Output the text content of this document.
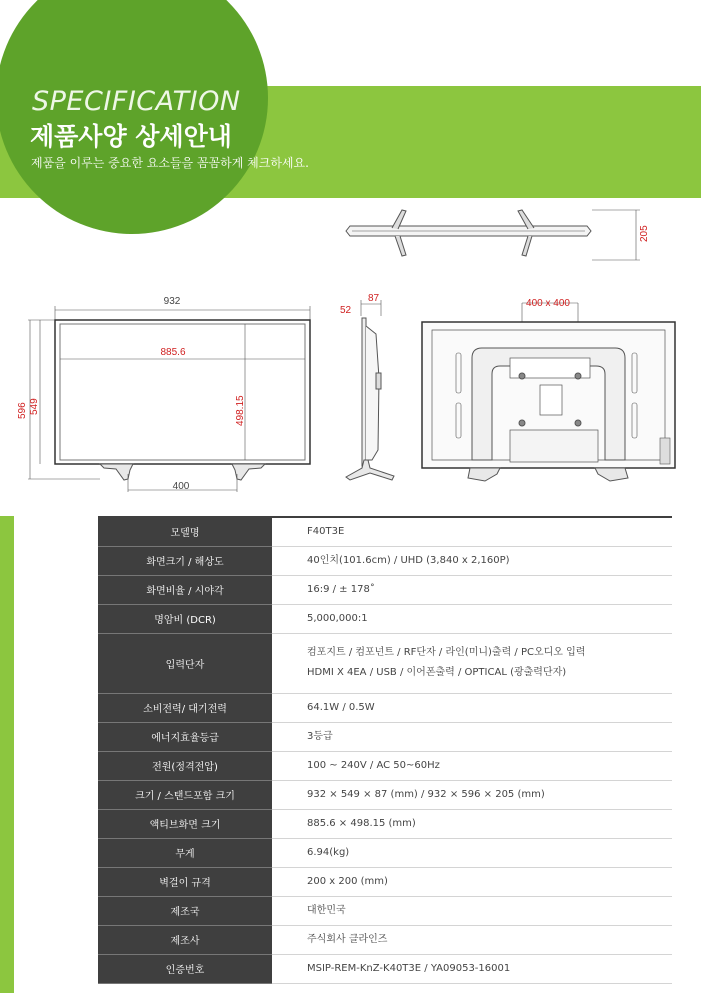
SPECIFICATION
제품사양 상세안내
제품을 이루는 중요한 요소들을 꼼꼼하게 체크하세요.
205
932
885.6
498.15
596 549
400
87
52
400 x 400
모델명	F40T3E
화면크기 / 해상도	40인치(101.6cm) / UHD (3,840 x 2,160P)
화면비율 / 시야각	16:9 / ± 178˚
명암비 (DCR)	5,000,000:1
입력단자	컴포지트 / 컴포넌트 / RF단자 / 라인(미니)출력 / PC오디오 입력
HDMI X 4EA / USB / 이어폰출력 / OPTICAL (광출력단자)

소비전력/ 대기전력	64.1W / 0.5W
에너지효율등급	3등급
전원(정격전압)	100 ~ 240V / AC 50~60Hz
크기 / 스탠드포함 크기	932 × 549 × 87 (mm) / 932 × 596 × 205 (mm)
액티브화면 크기	885.6 × 498.15 (mm)
무게	6.94(kg)
벽걸이 규격	200 x 200 (mm)
제조국	대한민국
제조사	주식회사 클라인즈
인증번호	MSIP-REM-KnZ-K40T3E / YA09053-16001
